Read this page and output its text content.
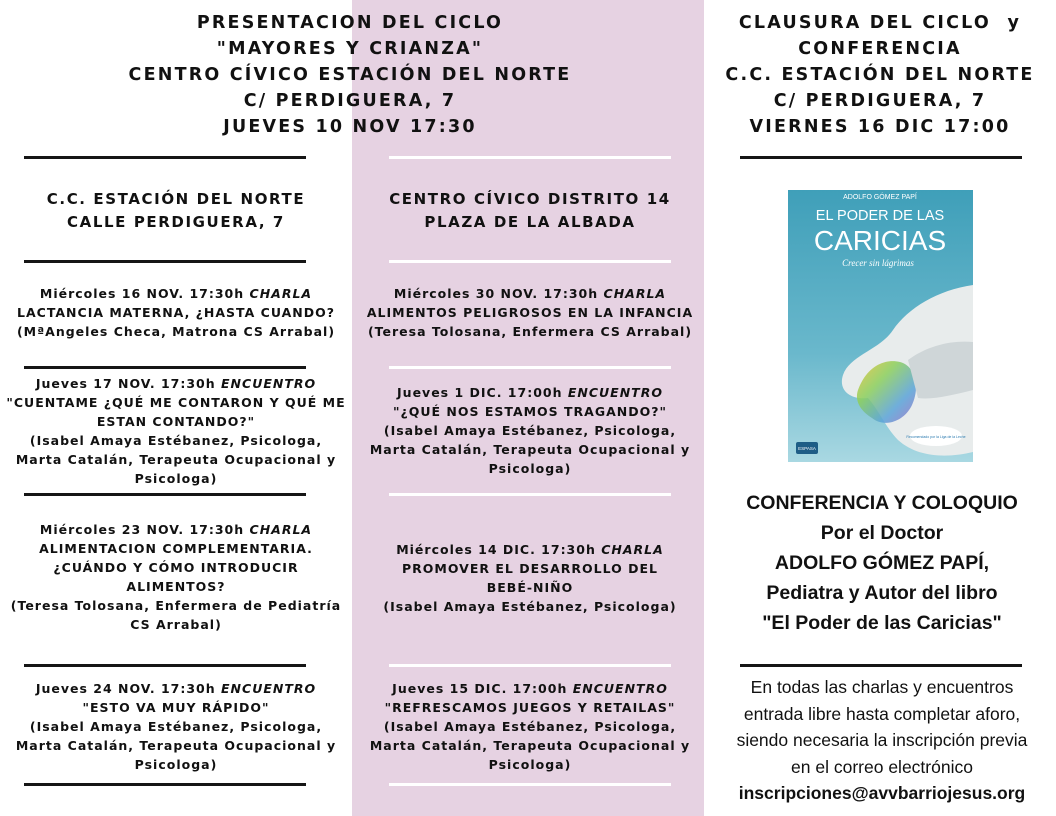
PRESENTACION DEL CICLO
"MAYORES Y CRIANZA"
CENTRO CÍVICO ESTACIÓN DEL NORTE
C/ PERDIGUERA, 7
JUEVES 10 NOV 17:30
C.C. ESTACIÓN DEL NORTE
CALLE PERDIGUERA, 7
Miércoles 16 NOV. 17:30h CHARLA
LACTANCIA MATERNA, ¿HASTA CUANDO?
(MªAngeles Checa, Matrona CS Arrabal)
Jueves 17 NOV. 17:30h ENCUENTRO
"CUENTAME ¿QUÉ ME CONTARON Y QUÉ ME
ESTAN CONTANDO?"
(Isabel Amaya Estébanez, Psicologa,
Marta Catalán, Terapeuta Ocupacional y
Psicologa)
Miércoles 23 NOV. 17:30h CHARLA
ALIMENTACION COMPLEMENTARIA.
¿CUÁNDO Y CÓMO INTRODUCIR
ALIMENTOS?
(Teresa Tolosana, Enfermera de Pediatría
CS Arrabal)
Jueves 24 NOV. 17:30h ENCUENTRO
"ESTO VA MUY RÁPIDO"
(Isabel Amaya Estébanez, Psicologa,
Marta Catalán, Terapeuta Ocupacional y
Psicologa)
CENTRO CÍVICO DISTRITO 14
PLAZA DE LA ALBADA
Miércoles 30 NOV. 17:30h CHARLA
ALIMENTOS PELIGROSOS EN LA INFANCIA
(Teresa Tolosana, Enfermera CS Arrabal)
Jueves 1 DIC. 17:00h ENCUENTRO
"¿QUÉ NOS ESTAMOS TRAGANDO?"
(Isabel Amaya Estébanez, Psicologa,
Marta Catalán, Terapeuta Ocupacional y
Psicologa)
Miércoles 14 DIC. 17:30h CHARLA
PROMOVER EL DESARROLLO DEL
BEBÉ-NIÑO
(Isabel Amaya Estébanez, Psicologa)
Jueves 15 DIC. 17:00h ENCUENTRO
"REFRESCAMOS JUEGOS Y RETAILAS"
(Isabel Amaya Estébanez, Psicologa,
Marta Catalán, Terapeuta Ocupacional y
Psicologa)
CLAUSURA DEL CICLO  y
CONFERENCIA
C.C. ESTACIÓN DEL NORTE
C/ PERDIGUERA, 7
VIERNES 16 DIC 17:00
ADOLFO GÓMEZ PAPÍ
EL PODER DE LAS
CARICIAS
Crecer sin lágrimas
Recomendado por la Liga de la Leche
ESPASA
CONFERENCIA Y COLOQUIO
Por el Doctor
ADOLFO GÓMEZ PAPÍ,
Pediatra y Autor del libro
"El Poder de las Caricias"
En todas las charlas y encuentros
entrada libre hasta completar aforo,
siendo necesaria la inscripción previa
en el correo electrónico
inscripciones@avvbarriojesus.org
